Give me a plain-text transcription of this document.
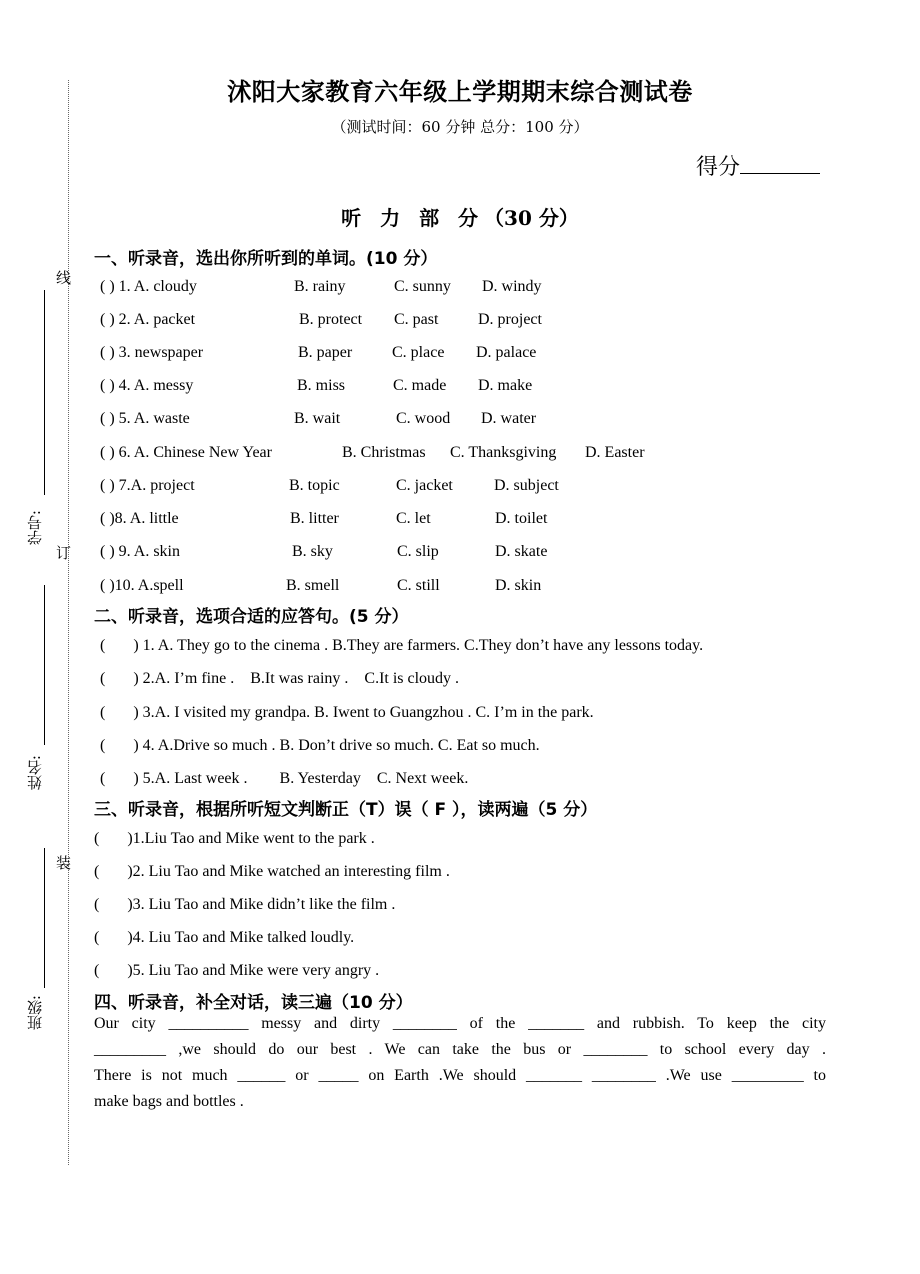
学号:
线
订
姓名:
装
班级:
沭阳大家教育六年级上学期期末综合测试卷
（测试时间：60 分钟 总分：100 分）
得分
听 力 部 分（30 分）
一、听录音，选出你所听到的单词。(10 分）
( ) 1. A. cloudy	B. rainy	C. sunny D. windy
( ) 2. A. packet	B. protect C. past D. project
( ) 3. newspaper	B. paper C. place D. palace
( ) 4. A. messy	B. miss	C. made D. make
( ) 5. A. waste	B. wait	C. wood D. water
( ) 6. A. Chinese New Year	B. Christmas C. Thanksgiving D. Easter
( ) 7.A. project	B. topic	C. jacket	D. subject
( )8. A. little	B. litter	C. let	D. toilet
( ) 9. A. skin	B. sky	C. slip	D. skate
( )10. A.spell	B. smell	C. still	D. skin
二、听录音，选项合适的应答句。(5 分）
(       ) 1. A. They go to the cinema . B.They are farmers. C.They don’t have any lessons today.
(       ) 2.A. I’m fine .    B.It was rainy .    C.It is cloudy .
(       ) 3.A. I visited my grandpa. B. Iwent to Guangzhou . C. I’m in the park.
(       ) 4. A.Drive so much . B. Don’t drive so much. C. Eat so much.
(       ) 5.A. Last week .        B. Yesterday    C. Next week.
三、听录音，根据所听短文判断正（T）误（ F ），读两遍（5 分）
(       )1.Liu Tao and Mike went to the park .
(       )2. Liu Tao and Mike watched an interesting film .
(       )3. Liu Tao and Mike didn’t like the film .
(       )4. Liu Tao and Mike talked loudly.
(       )5. Liu Tao and Mike were very angry .
四、听录音，补全对话，读三遍（10 分）
Our city __________ messy and dirty ________ of the _______ and rubbish. To keep the city
_________ ,we should do our best . We can take the bus or ________ to school every day .
There is not much ______ or _____ on Earth .We should _______ ________ .We use _________ to
make bags and bottles .
